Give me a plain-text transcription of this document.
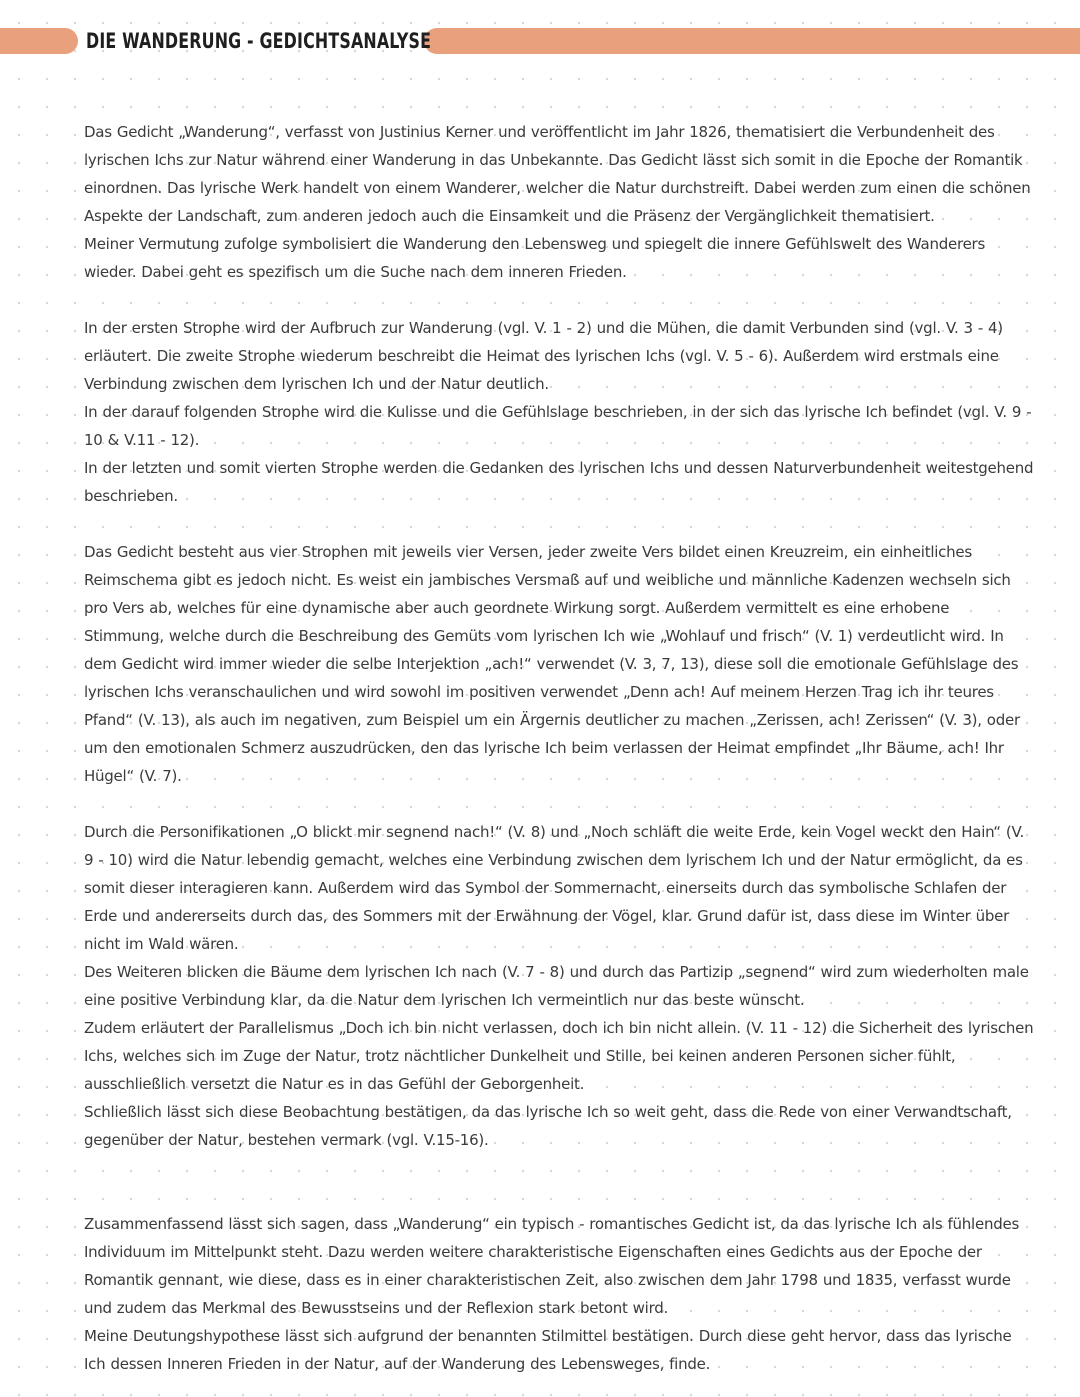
DIE WANDERUNG - GEDICHTSANALYSE

Das Gedicht „Wanderung“, verfasst von Justinius Kerner und veröffentlicht im Jahr 1826, thematisiert die Verbundenheit des lyrischen Ichs zur Natur während einer Wanderung in das Unbekannte. Das Gedicht lässt sich somit in die Epoche der Romantik einordnen. Das lyrische Werk handelt von einem Wanderer, welcher die Natur durchstreift. Dabei werden zum einen die schönen Aspekte der Landschaft, zum anderen jedoch auch die Einsamkeit und die Präsenz der Vergänglichkeit thematisiert.

Meiner Vermutung zufolge symbolisiert die Wanderung den Lebensweg und spiegelt die innere Gefühlswelt des Wanderers wieder. Dabei geht es spezifisch um die Suche nach dem inneren Frieden.

In der ersten Strophe wird der Aufbruch zur Wanderung (vgl. V. 1 - 2) und die Mühen, die damit Verbunden sind (vgl. V. 3 - 4) erläutert. Die zweite Strophe wiederum beschreibt die Heimat des lyrischen Ichs (vgl. V. 5 - 6). Außerdem wird erstmals eine Verbindung zwischen dem lyrischen Ich und der Natur deutlich.

In der darauf folgenden Strophe wird die Kulisse und die Gefühlslage beschrieben, in der sich das lyrische Ich befindet (vgl. V. 9 - 10 & V.11 - 12).

In der letzten und somit vierten Strophe werden die Gedanken des lyrischen Ichs und dessen Naturverbundenheit weitestgehend beschrieben.

Das Gedicht besteht aus vier Strophen mit jeweils vier Versen, jeder zweite Vers bildet einen Kreuzreim, ein einheitliches Reimschema gibt es jedoch nicht. Es weist ein jambisches Versmaß auf und weibliche und männliche Kadenzen wechseln sich pro Vers ab, welches für eine dynamische aber auch geordnete Wirkung sorgt. Außerdem vermittelt es eine erhobene Stimmung, welche durch die Beschreibung des Gemüts vom lyrischen Ich wie „Wohlauf und frisch“ (V. 1) verdeutlicht wird. In dem Gedicht wird immer wieder die selbe Interjektion „ach!“ verwendet (V. 3, 7, 13), diese soll die emotionale Gefühlslage des lyrischen Ichs veranschaulichen und wird sowohl im positiven verwendet „Denn ach! Auf meinem Herzen Trag ich ihr teures Pfand“ (V. 13), als auch im negativen, zum Beispiel um ein Ärgernis deutlicher zu machen „Zerissen, ach! Zerissen“ (V. 3), oder um den emotionalen Schmerz auszudrücken, den das lyrische Ich beim verlassen der Heimat empfindet „Ihr Bäume, ach! Ihr Hügel“ (V. 7).

Durch die Personifikationen „O blickt mir segnend nach!“ (V. 8) und „Noch schläft die weite Erde, kein Vogel weckt den Hain“ (V. 9 - 10) wird die Natur lebendig gemacht, welches eine Verbindung zwischen dem lyrischem Ich und der Natur ermöglicht, da es somit dieser interagieren kann. Außerdem wird das Symbol der Sommernacht, einerseits durch das symbolische Schlafen der Erde und andererseits durch das, des Sommers mit der Erwähnung der Vögel, klar. Grund dafür ist, dass diese im Winter über nicht im Wald wären.

Des Weiteren blicken die Bäume dem lyrischen Ich nach (V. 7 - 8) und durch das Partizip „segnend“ wird zum wiederholten male eine positive Verbindung klar, da die Natur dem lyrischen Ich vermeintlich nur das beste wünscht.

Zudem erläutert der Parallelismus „Doch ich bin nicht verlassen, doch ich bin nicht allein. (V. 11 - 12) die Sicherheit des lyrischen Ichs, welches sich im Zuge der Natur, trotz nächtlicher Dunkelheit und Stille, bei keinen anderen Personen sicher fühlt, ausschließlich versetzt die Natur es in das Gefühl der Geborgenheit.

Schließlich lässt sich diese Beobachtung bestätigen, da das lyrische Ich so weit geht, dass die Rede von einer Verwandtschaft, gegenüber der Natur, bestehen vermark (vgl. V.15-16).

Zusammenfassend lässt sich sagen, dass „Wanderung“ ein typisch - romantisches Gedicht ist, da das lyrische Ich als fühlendes Individuum im Mittelpunkt steht. Dazu werden weitere charakteristische Eigenschaften eines Gedichts aus der Epoche der Romantik gennant, wie diese, dass es in einer charakteristischen Zeit, also zwischen dem Jahr 1798 und 1835, verfasst wurde und zudem das Merkmal des Bewusstseins und der Reflexion stark betont wird.

Meine Deutungshypothese lässt sich aufgrund der benannten Stilmittel bestätigen. Durch diese geht hervor, dass das lyrische Ich dessen Inneren Frieden in der Natur, auf der Wanderung des Lebensweges, finde.
